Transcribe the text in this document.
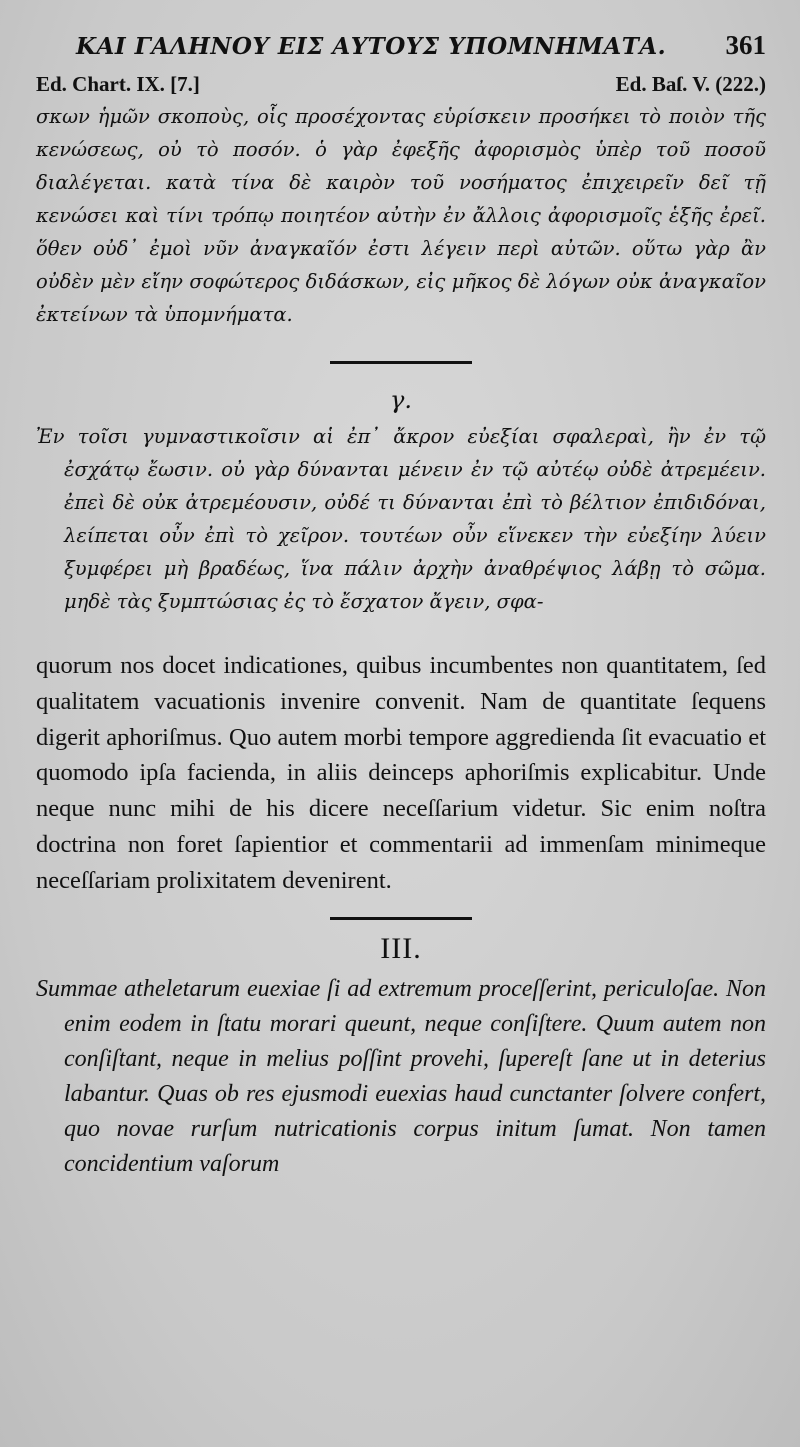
ΚΑΙ ΓΑΛΗΝΟΥ ΕΙΣ ΑΥΤΟΥΣ ΥΠΟΜΝΗΜΑΤΑ. 361
Ed. Chart. IX. [7.]	Ed. Baſ. V. (222.)

σκων ἡμῶν σκοποὺς, οἷς προσέχοντας εὑρίσκειν προσήκει τὸ ποιὸν τῆς κενώσεως, οὐ τὸ ποσόν. ὁ γὰρ ἐφεξῆς ἀφορισμὸς ὑπὲρ τοῦ ποσοῦ διαλέγεται. κατὰ τίνα δὲ καιρὸν τοῦ νοσήματος ἐπιχειρεῖν δεῖ τῇ κενώσει καὶ τίνι τρόπῳ ποιητέον αὐτὴν ἐν ἄλλοις ἀφορισμοῖς ἑξῆς ἐρεῖ. ὅθεν οὐδ᾽ ἐμοὶ νῦν ἀναγκαῖόν ἐστι λέγειν περὶ αὐτῶν. οὕτω γὰρ ἂν οὐδὲν μὲν εἴην σοφώτερος διδάσκων, εἰς μῆκος δὲ λόγων οὐκ ἀναγκαῖον ἐκτείνων τὰ ὑπομνήματα.

γ.

Ἐν τοῖσι γυμναστικοῖσιν αἱ ἐπ᾽ ἄκρον εὐεξίαι σφαλεραὶ, ἢν ἐν τῷ ἐσχάτῳ ἔωσιν. οὐ γὰρ δύνανται μένειν ἐν τῷ αὐτέῳ οὐδὲ ἀτρεμέειν. ἐπεὶ δὲ οὐκ ἀτρεμέουσιν, οὐδέ τι δύνανται ἐπὶ τὸ βέλτιον ἐπιδιδόναι, λείπεται οὖν ἐπὶ τὸ χεῖρον. τουτέων οὖν εἵνεκεν τὴν εὐεξίην λύειν ξυμφέρει μὴ βραδέως, ἵνα πάλιν ἀρχὴν ἀναθρέψιος λάβῃ τὸ σῶμα. μηδὲ τὰς ξυμπτώσιας ἐς τὸ ἔσχατον ἄγειν, σφα-

quorum nos docet indicationes, quibus incumbentes non quantitatem, ſed qualitatem vacuationis invenire convenit. Nam de quantitate ſequens digerit aphoriſmus. Quo autem morbi tempore aggredienda ſit evacuatio et quomodo ipſa facienda, in aliis deinceps aphoriſmis explicabitur. Unde neque nunc mihi de his dicere neceſſarium videtur. Sic enim noſtra doctrina non foret ſapientior et commentarii ad immenſam minimeque neceſſariam prolixitatem devenirent.

III.

Summae atheletarum euexiae ſi ad extremum proceſſerint, periculoſae. Non enim eodem in ſtatu morari queunt, neque conſiſtere. Quum autem non conſiſtant, neque in melius poſſint provehi, ſupereſt ſane ut in deterius labantur. Quas ob res ejusmodi euexias haud cunctanter ſolvere confert, quo novae rurſum nutricationis corpus initum ſumat. Non tamen concidentium vaſorum
